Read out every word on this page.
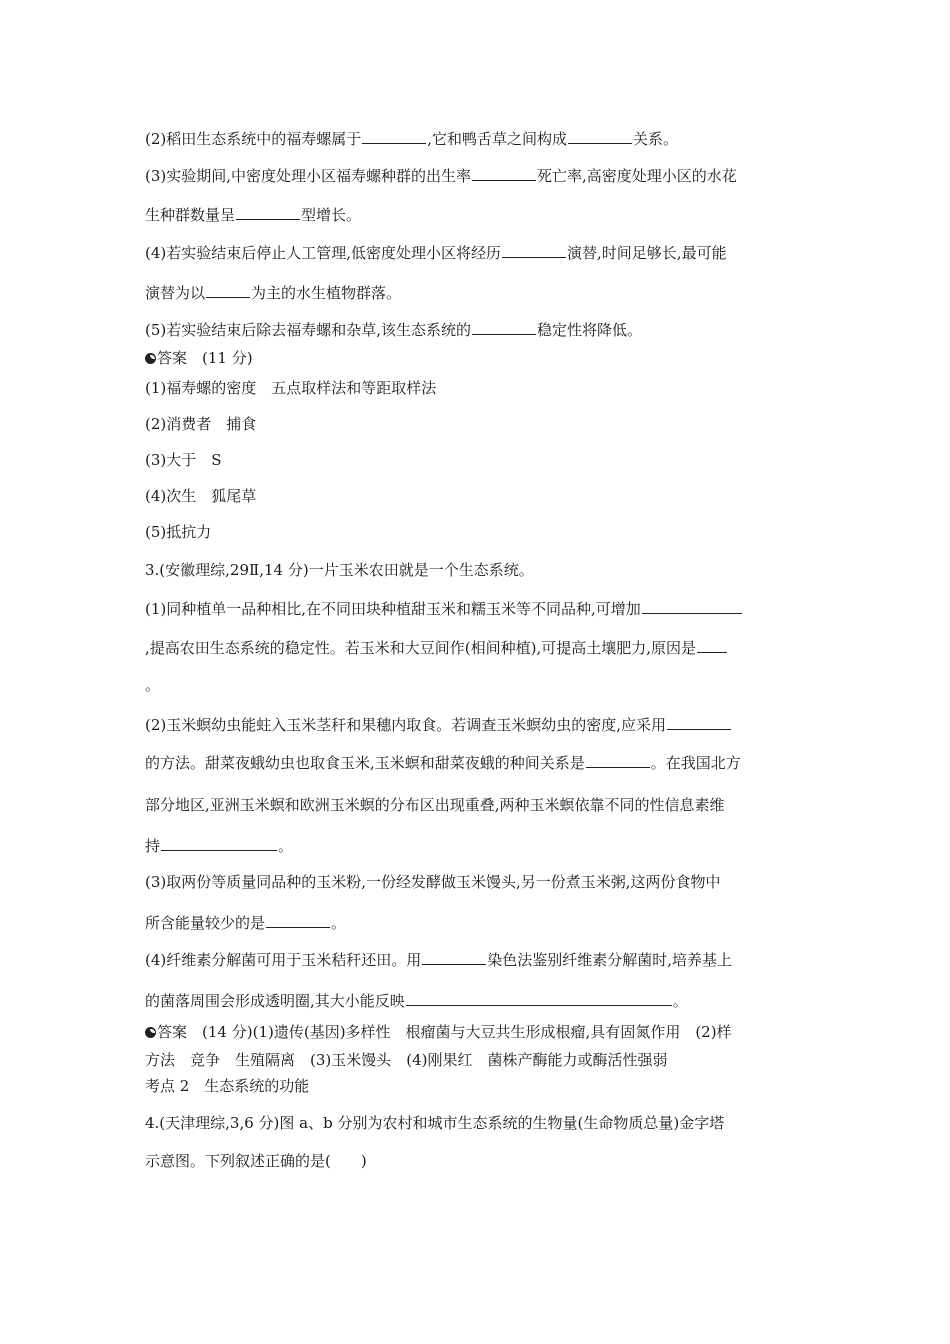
(2)稻田生态系统中的福寿螺属于	,它和鸭舌草之间构成	关系。
(3)实验期间,中密度处理小区福寿螺种群的出生率	死亡率,高密度处理小区的水花
生种群数量呈	型增长。
(4)若实验结束后停止人工管理,低密度处理小区将经历	演替,时间足够长,最可能
演替为以	为主的水生植物群落。
(5)若实验结束后除去福寿螺和杂草,该生态系统的	稳定性将降低。
答案　 (11 分)
(1)福寿螺的密度　五点取样法和等距取样法
(2)消费者　捕食
(3)大于　S
(4)次生　狐尾草
(5)抵抗力
3.(安徽理综,29Ⅱ,14 分)一片玉米农田就是一个生态系统。
(1)同种植单一品种相比,在不同田块种植甜玉米和糯玉米等不同品种,可增加
,提高农田生态系统的稳定性。若玉米和大豆间作(相间种植),可提高土壤肥力,原因是
。
(2)玉米螟幼虫能蛀入玉米茎秆和果穗内取食。若调查玉米螟幼虫的密度,应采用
的方法。甜菜夜蛾幼虫也取食玉米,玉米螟和甜菜夜蛾的种间关系是	。在我国北方
部分地区,亚洲玉米螟和欧洲玉米螟的分布区出现重叠,两种玉米螟依靠不同的性信息素维
持	。
(3)取两份等质量同品种的玉米粉,一份经发酵做玉米馒头,另一份煮玉米粥,这两份食物中
所含能量较少的是	。
(4)纤维素分解菌可用于玉米秸秆还田。用	染色法鉴别纤维素分解菌时,培养基上
的菌落周围会形成透明圈,其大小能反映	。
答案　 (14 分)(1)遗传(基因)多样性　根瘤菌与大豆共生形成根瘤,具有固氮作用　(2)样
方法　竞争　生殖隔离　(3)玉米馒头　(4)刚果红　菌株产酶能力或酶活性强弱
考点 2　生态系统的功能
4.(天津理综,3,6 分)图 a、b 分别为农村和城市生态系统的生物量(生命物质总量)金字塔
示意图。下列叙述正确的是(　　)
